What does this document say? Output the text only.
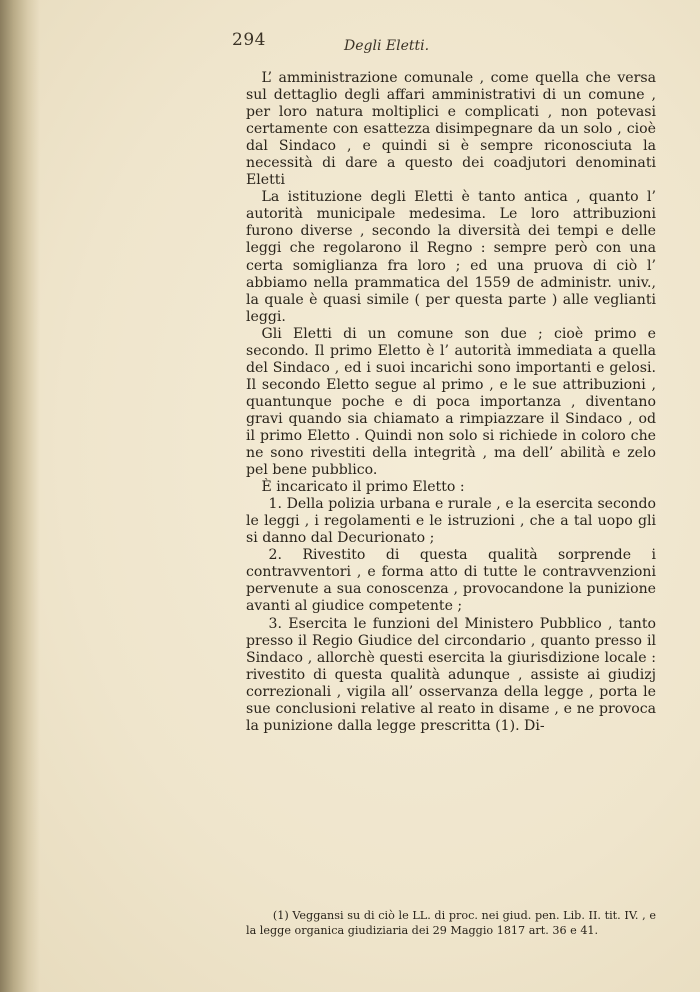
294	Degli Eletti.

L’ amministrazione comunale , come quella che versa sul dettaglio degli affari amministrativi di un comune , per loro natura moltiplici e complicati , non potevasi certamente con esattezza disimpegnare da un solo , cioè dal Sindaco , e quindi si è sempre riconosciuta la necessità di dare a questo dei coadjutori denominati Eletti

La istituzione degli Eletti è tanto antica , quanto l’ autorità municipale medesima. Le loro attribuzioni furono diverse , secondo la diversità dei tempi e delle leggi che regolarono il Regno : sempre però con una certa somiglianza fra loro ; ed una pruova di ciò l’ abbiamo nella prammatica del 1559 de administr. univ., la quale è quasi simile ( per questa parte ) alle veglianti leggi.

Gli Eletti di un comune son due ; cioè primo e secondo. Il primo Eletto è l’ autorità immediata a quella del Sindaco , ed i suoi incarichi sono importanti e gelosi. Il secondo Eletto segue al primo , e le sue attribuzioni , quantunque poche e di poca importanza , diventano gravi quando sia chiamato a rimpiazzare il Sindaco , od il primo Eletto . Quindi non solo si richiede in coloro che ne sono rivestiti della integrità , ma dell’ abilità e zelo pel bene pubblico.

È incaricato il primo Eletto :

1. Della polizia urbana e rurale , e la esercita secondo le leggi , i regolamenti e le istruzioni , che a tal uopo gli si danno dal Decurionato ;

2. Rivestito di questa qualità sorprende i contravventori , e forma atto di tutte le contravvenzioni pervenute a sua conoscenza , provocandone la punizione avanti al giudice competente ;

3. Esercita le funzioni del Ministero Pubblico , tanto presso il Regio Giudice del circondario , quanto presso il Sindaco , allorchè questi esercita la giurisdizione locale : rivestito di questa qualità adunque , assiste ai giudizj correzionali , vigila all’ osservanza della legge , porta le sue conclusioni relative al reato in disame , e ne provoca la punizione dalla legge prescritta (1). Di-

(1) Veggansi su di ciò le LL. di proc. nei giud. pen. Lib. II. tit. IV. , e la legge organica giudiziaria dei 29 Maggio 1817 art. 36 e 41.
